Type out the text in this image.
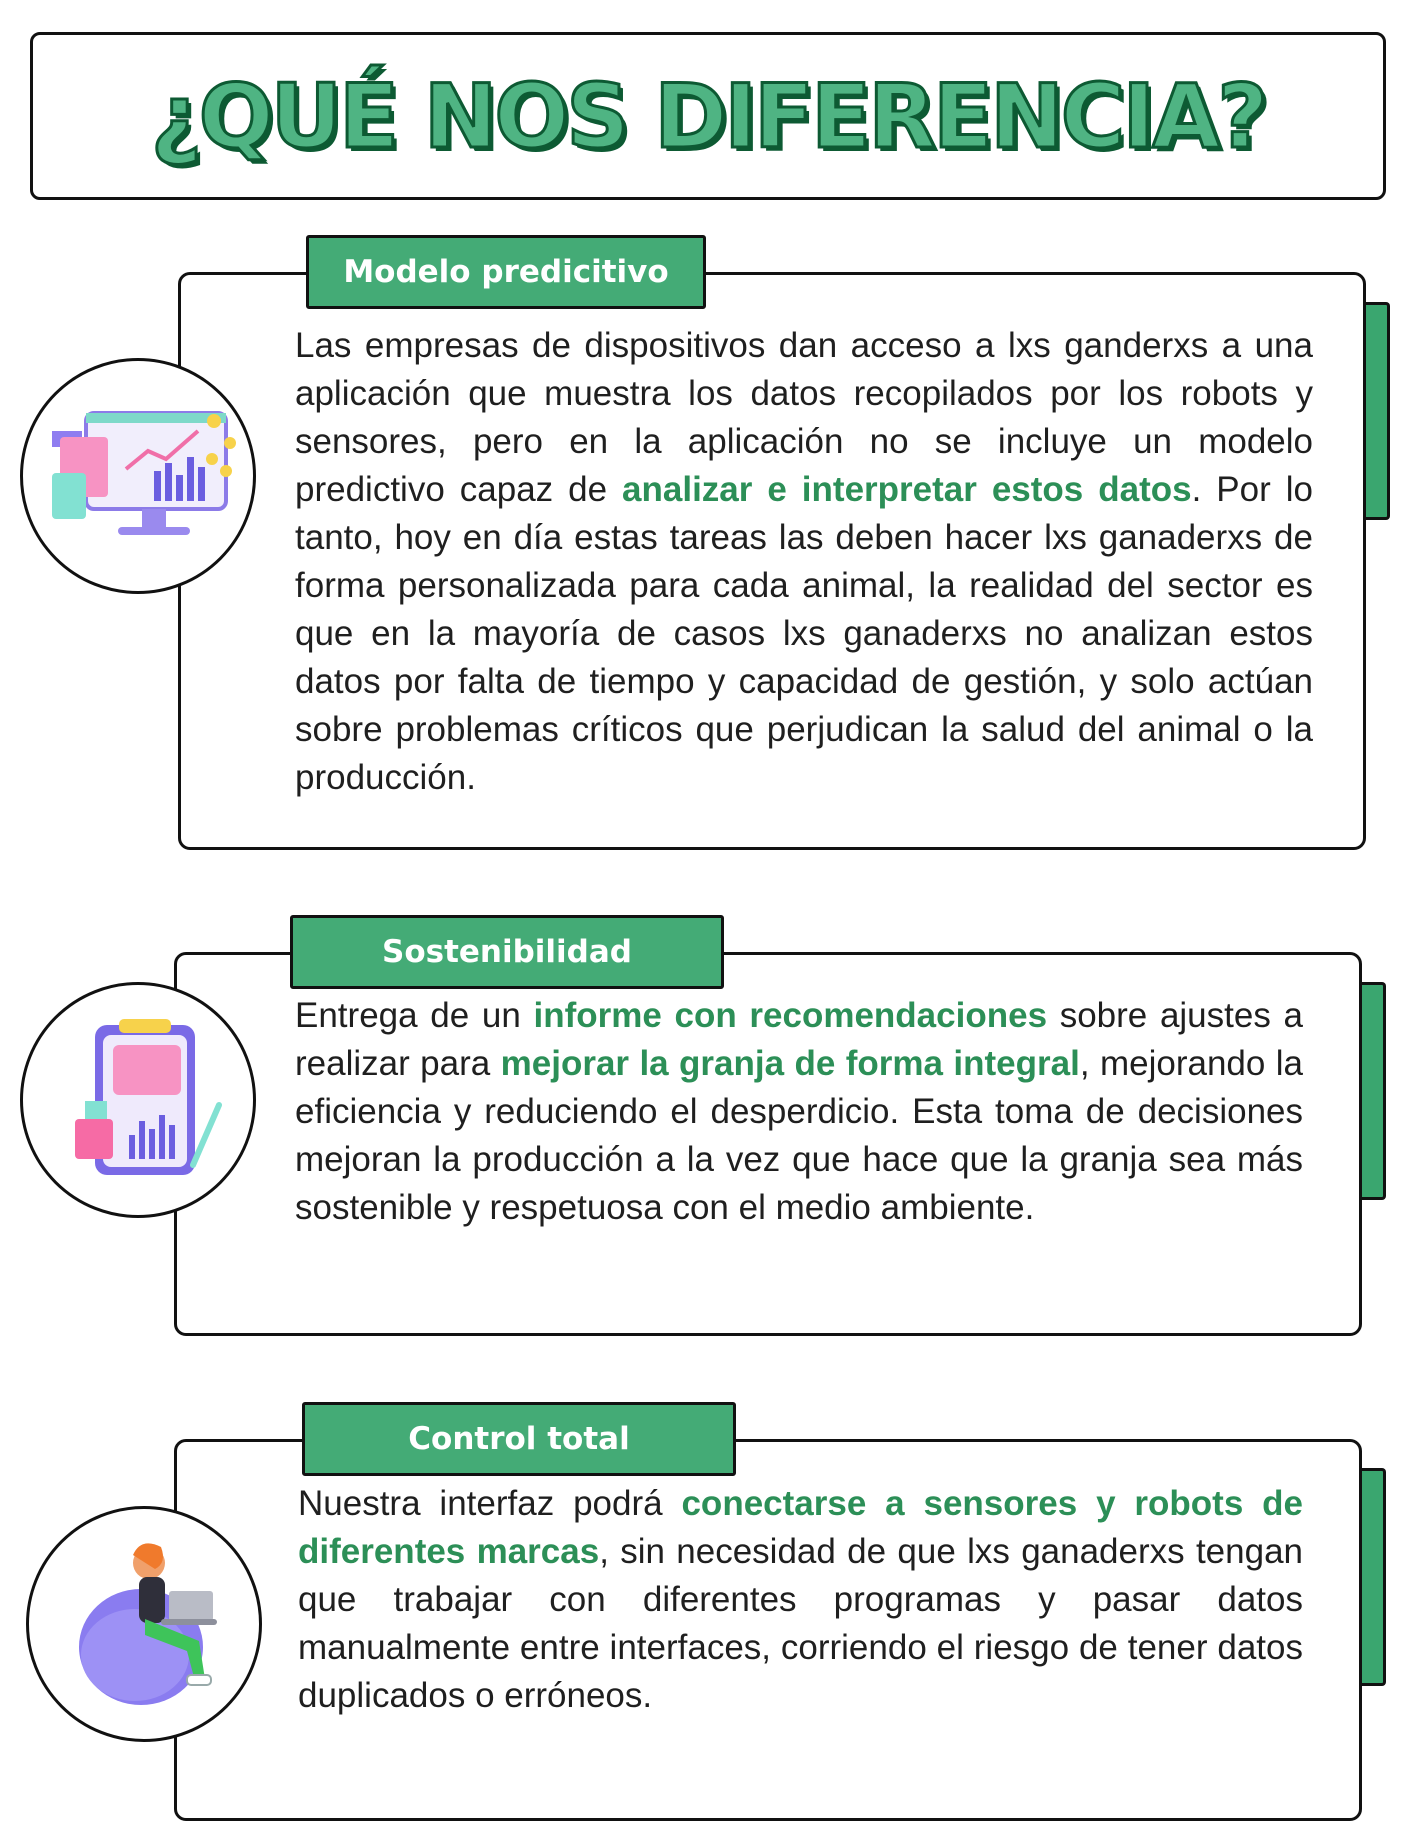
¿QUÉ NOS DIFERENCIA?
Modelo predicitivo
Las empresas de dispositivos dan acceso a lxs ganderxs a una aplicación que muestra los datos recopilados por los robots y sensores, pero en la aplicación no se incluye un modelo predictivo capaz de analizar e interpretar estos datos. Por lo tanto, hoy en día estas tareas las deben hacer lxs ganaderxs de forma personalizada para cada animal, la realidad del sector es que en la mayoría de casos lxs ganaderxs no analizan estos datos por falta de tiempo y capacidad de gestión, y solo actúan sobre problemas críticos que perjudican la salud del animal o la producción.
Sostenibilidad
Entrega de un informe con recomendaciones sobre ajustes a realizar para mejorar la granja de forma integral, mejorando la eficiencia y reduciendo el desperdicio. Esta toma de decisiones mejoran la producción a la vez que hace que la granja sea más sostenible y respetuosa con el medio ambiente.
Control total
Nuestra interfaz podrá conectarse a sensores y robots de diferentes marcas, sin necesidad de que lxs ganaderxs tengan que trabajar con diferentes programas y pasar datos manualmente entre interfaces, corriendo el riesgo de tener datos duplicados o erróneos.
